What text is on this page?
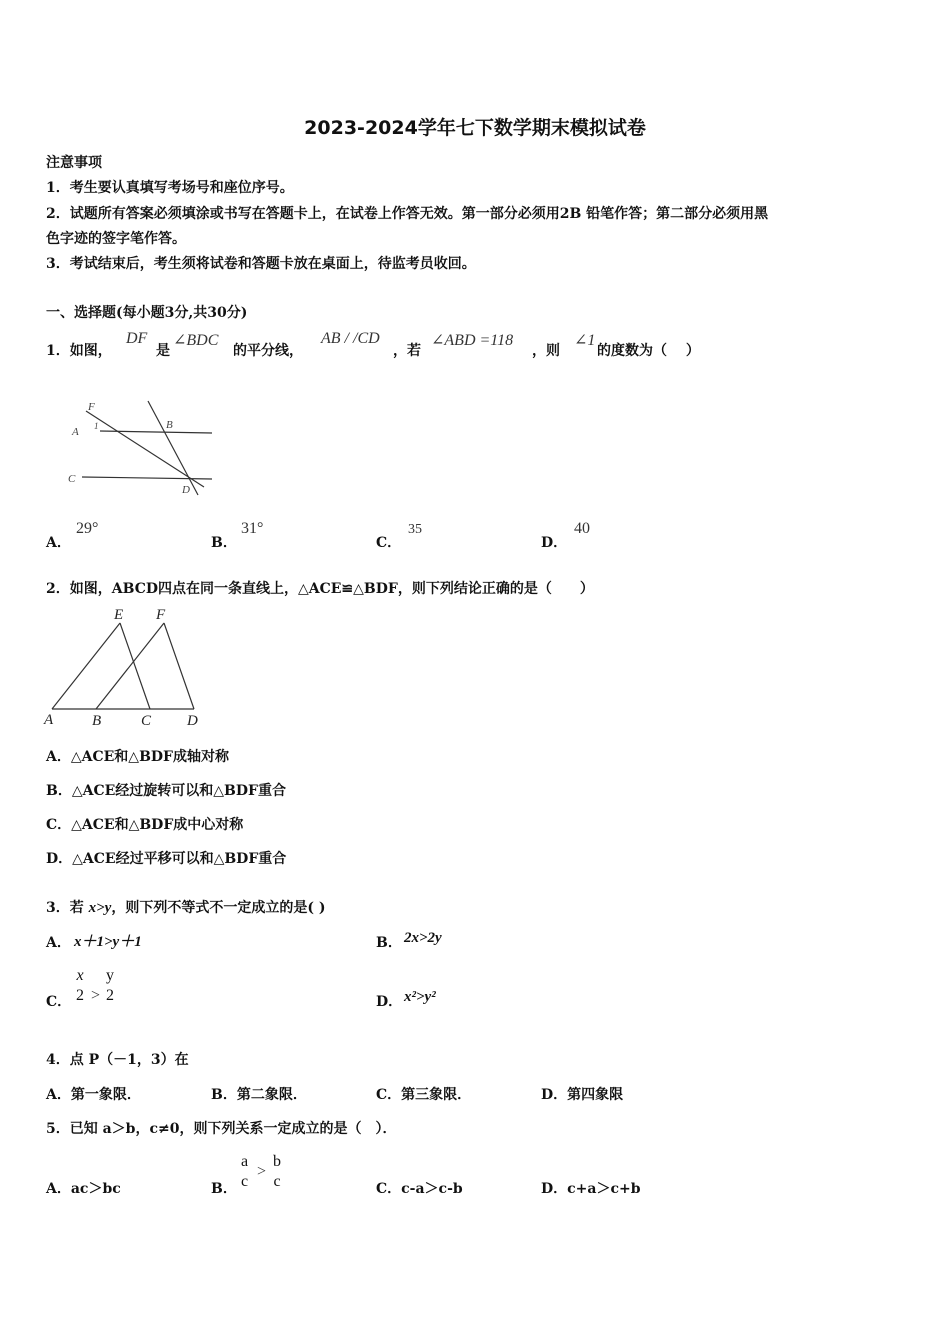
2023-2024学年七下数学期末模拟试卷
注意事项
1．考生要认真填写考场号和座位序号。
2．试题所有答案必须填涂或书写在答题卡上，在试卷上作答无效。第一部分必须用2B 铅笔作答；第二部分必须用黑
色字迹的签字笔作答。
3．考试结束后，考生须将试卷和答题卡放在桌面上，待监考员收回。
一、选择题(每小题3分,共30分)
1．如图，
DF
是
∠BDC
的平分线，
AB / /CD
，若
∠ABD =118
，则
∠1
的度数为（　 ）
F
A 1	B
C
D
A．
29°
B．
31°
C．
35
D．
40
2．如图，ABCD四点在同一条直线上，△ACE≌△BDF，则下列结论正确的是（　　）
E F
A	B	C D
A．△ACE和△BDF成轴对称
B．△ACE经过旋转可以和△BDF重合
C．△ACE和△BDF成中心对称
D．△ACE经过平移可以和△BDF重合
3．若 x>y，则下列不等式不一定成立的是( )
A． x＋1>y＋1	B． 2x>2y
C．
x
2 >
y
2	D． x²>y²
4．点 P（－1，3）在
A．第一象限．	B．第二象限．	C．第三象限．	D．第四象限
5．已知 a＞b，c≠0，则下列关系一定成立的是（　）．
A．ac＞bc	B．
a
c
>
b
c	C．c-a＞c-b	D．c+a＞c+b
